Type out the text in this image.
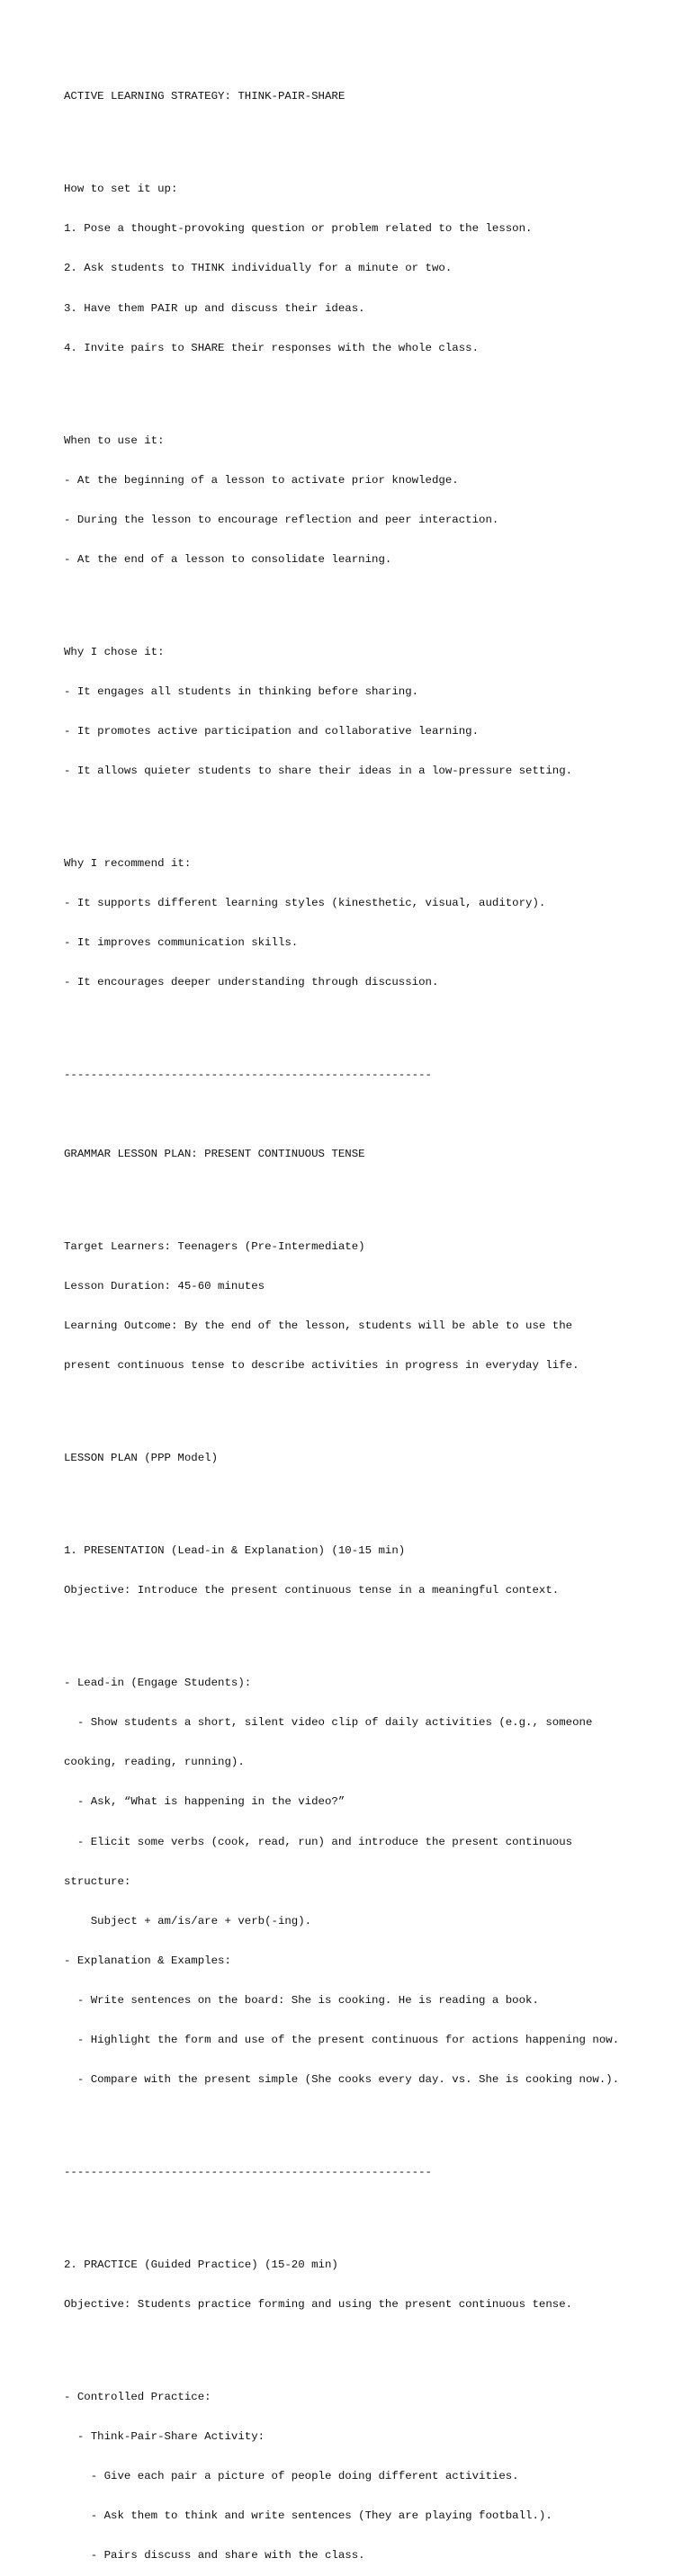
ACTIVE LEARNING STRATEGY: THINK-PAIR-SHARE

How to set it up:

1. Pose a thought-provoking question or problem related to the lesson.

2. Ask students to THINK individually for a minute or two.

3. Have them PAIR up and discuss their ideas.

4. Invite pairs to SHARE their responses with the whole class.

When to use it:

- At the beginning of a lesson to activate prior knowledge.

- During the lesson to encourage reflection and peer interaction.

- At the end of a lesson to consolidate learning.

Why I chose it:

- It engages all students in thinking before sharing.

- It promotes active participation and collaborative learning.

- It allows quieter students to share their ideas in a low-pressure setting.

Why I recommend it:

- It supports different learning styles (kinesthetic, visual, auditory).

- It improves communication skills.

- It encourages deeper understanding through discussion.

-------------------------------------------------------

GRAMMAR LESSON PLAN: PRESENT CONTINUOUS TENSE

Target Learners: Teenagers (Pre-Intermediate)

Lesson Duration: 45-60 minutes

Learning Outcome: By the end of the lesson, students will be able to use the

present continuous tense to describe activities in progress in everyday life.

LESSON PLAN (PPP Model)

1. PRESENTATION (Lead-in & Explanation) (10-15 min)

Objective: Introduce the present continuous tense in a meaningful context.

- Lead-in (Engage Students):

- Show students a short, silent video clip of daily activities (e.g., someone

cooking, reading, running).

- Ask, “What is happening in the video?”

- Elicit some verbs (cook, read, run) and introduce the present continuous

structure:

Subject + am/is/are + verb(-ing).

- Explanation & Examples:

- Write sentences on the board: She is cooking. He is reading a book.

- Highlight the form and use of the present continuous for actions happening now.

- Compare with the present simple (She cooks every day. vs. She is cooking now.).

-------------------------------------------------------

2. PRACTICE (Guided Practice) (15-20 min)

Objective: Students practice forming and using the present continuous tense.

- Controlled Practice:

- Think-Pair-Share Activity:

- Give each pair a picture of people doing different activities.

- Ask them to think and write sentences (They are playing football.).

- Pairs discuss and share with the class.
